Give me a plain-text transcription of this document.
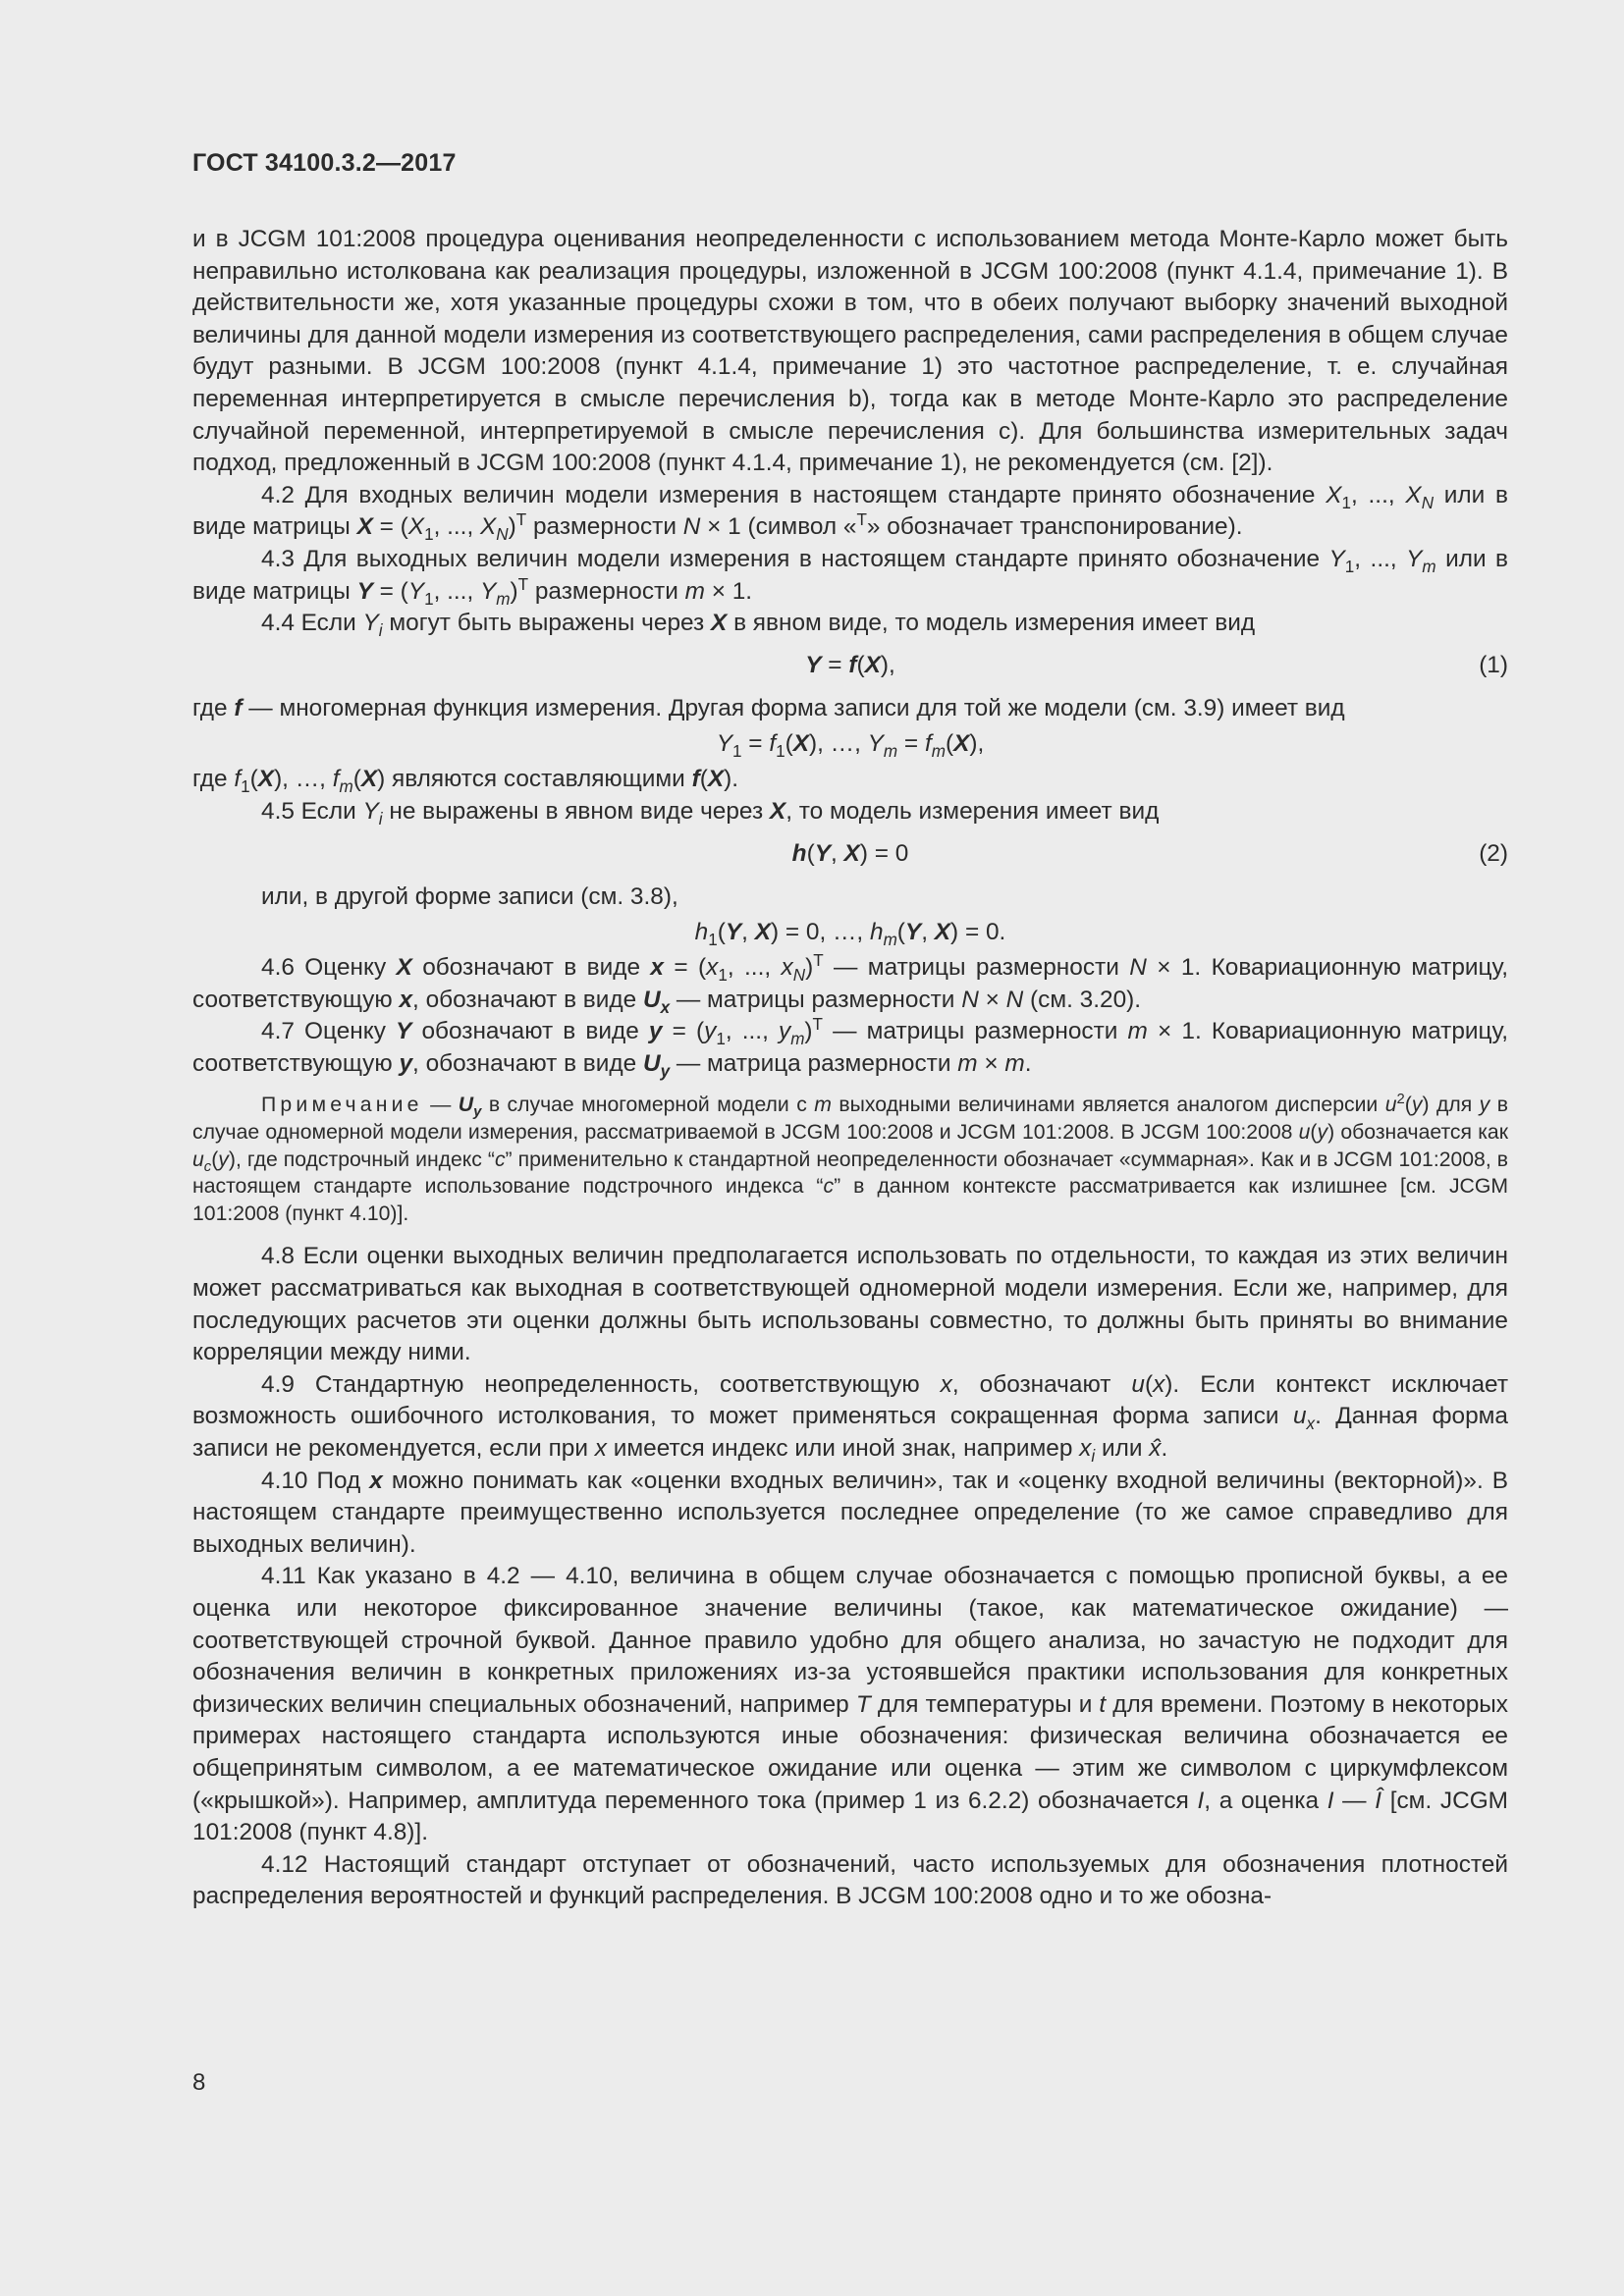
ГОСТ 34100.3.2—2017

и в JCGM 101:2008 процедура оценивания неопределенности с использованием метода Монте-Карло может быть неправильно истолкована как реализация процедуры, изложенной в JCGM 100:2008 (пункт 4.1.4, примечание 1). В действительности же, хотя указанные процедуры схожи в том, что в обеих получают выборку значений выходной величины для данной модели измерения из соответствующего распределения, сами распределения в общем случае будут разными. В JCGM 100:2008 (пункт 4.1.4, примечание 1) это частотное распределение, т. е. случайная переменная интерпретируется в смысле перечисления b), тогда как в методе Монте-Карло это распределение случайной переменной, интерпретируемой в смысле перечисления с). Для большинства измерительных задач подход, предложенный в JCGM 100:2008 (пункт 4.1.4, примечание 1), не рекомендуется (см. [2]).

4.2 Для входных величин модели измерения в настоящем стандарте принято обозначение $X_1$, ..., $X_N$ или в виде матрицы $X = (X_1$, ..., $X_N)^T$ размерности N × 1 (символ «$^T$» обозначает транспонирование).

4.3 Для выходных величин модели измерения в настоящем стандарте принято обозначение $Y_1$, ..., $Y_m$ или в виде матрицы $Y = (Y_1$, ..., $Y_m)^T$ размерности m × 1.

4.4 Если $Y_i$ могут быть выражены через X в явном виде, то модель измерения имеет вид

Y = f(X),	(1)

где f — многомерная функция измерения. Другая форма записи для той же модели (см. 3.9) имеет вид

$Y_1 = f_1(X)$, …, $Y_m = f_m(X)$,

где $f_1(X)$, …, $f_m(X)$ являются составляющими f(X).

4.5 Если $Y_i$ не выражены в явном виде через X, то модель измерения имеет вид

h(Y, X) = 0	(2)

или, в другой форме записи (см. 3.8),

$h_1(Y$, X) = 0, …, $h_m(Y$, X) = 0.

4.6 Оценку X обозначают в виде $x = (x_1$, ..., $x_N)^T$ — матрицы размерности N × 1. Ковариационную матрицу, соответствующую x, обозначают в виде $U_x$ — матрицы размерности N × N (см. 3.20).

4.7 Оценку Y обозначают в виде $y = (y_1$, ..., $y_m)^T$ — матрицы размерности m × 1. Ковариационную матрицу, соответствующую y, обозначают в виде $U_y$ — матрица размерности m × m.

Примечание — $U_y$ в случае многомерной модели с m выходными величинами является аналогом дисперсии $u^2(y)$ для y в случае одномерной модели измерения, рассматриваемой в JCGM 100:2008 и JCGM 101:2008. В JCGM 100:2008 u(y) обозначается как $u_c(y)$, где подстрочный индекс “c” применительно к стандартной неопределенности обозначает «суммарная». Как и в JCGM 101:2008, в настоящем стандарте использование подстрочного индекса “c” в данном контексте рассматривается как излишнее [см. JCGM 101:2008 (пункт 4.10)].

4.8 Если оценки выходных величин предполагается использовать по отдельности, то каждая из этих величин может рассматриваться как выходная в соответствующей одномерной модели измерения. Если же, например, для последующих расчетов эти оценки должны быть использованы совместно, то должны быть приняты во внимание корреляции между ними.

4.9 Стандартную неопределенность, соответствующую x, обозначают u(x). Если контекст исключает возможность ошибочного истолкования, то может применяться сокращенная форма записи $u_x$. Данная форма записи не рекомендуется, если при x имеется индекс или иной знак, например $x_i$ или x̂.

4.10 Под x можно понимать как «оценки входных величин», так и «оценку входной величины (векторной)». В настоящем стандарте преимущественно используется последнее определение (то же самое справедливо для выходных величин).

4.11 Как указано в 4.2 — 4.10, величина в общем случае обозначается с помощью прописной буквы, а ее оценка или некоторое фиксированное значение величины (такое, как математическое ожидание) — соответствующей строчной буквой. Данное правило удобно для общего анализа, но зачастую не подходит для обозначения величин в конкретных приложениях из-за устоявшейся практики использования для конкретных физических величин специальных обозначений, например T для температуры и t для времени. Поэтому в некоторых примерах настоящего стандарта используются иные обозначения: физическая величина обозначается ее общепринятым символом, а ее математическое ожидание или оценка — этим же символом с циркумфлексом («крышкой»). Например, амплитуда переменного тока (пример 1 из 6.2.2) обозначается I, а оценка I — Î [см. JCGM 101:2008 (пункт 4.8)].

4.12 Настоящий стандарт отступает от обозначений, часто используемых для обозначения плотностей распределения вероятностей и функций распределения. В JCGM 100:2008 одно и то же обозна-

8
